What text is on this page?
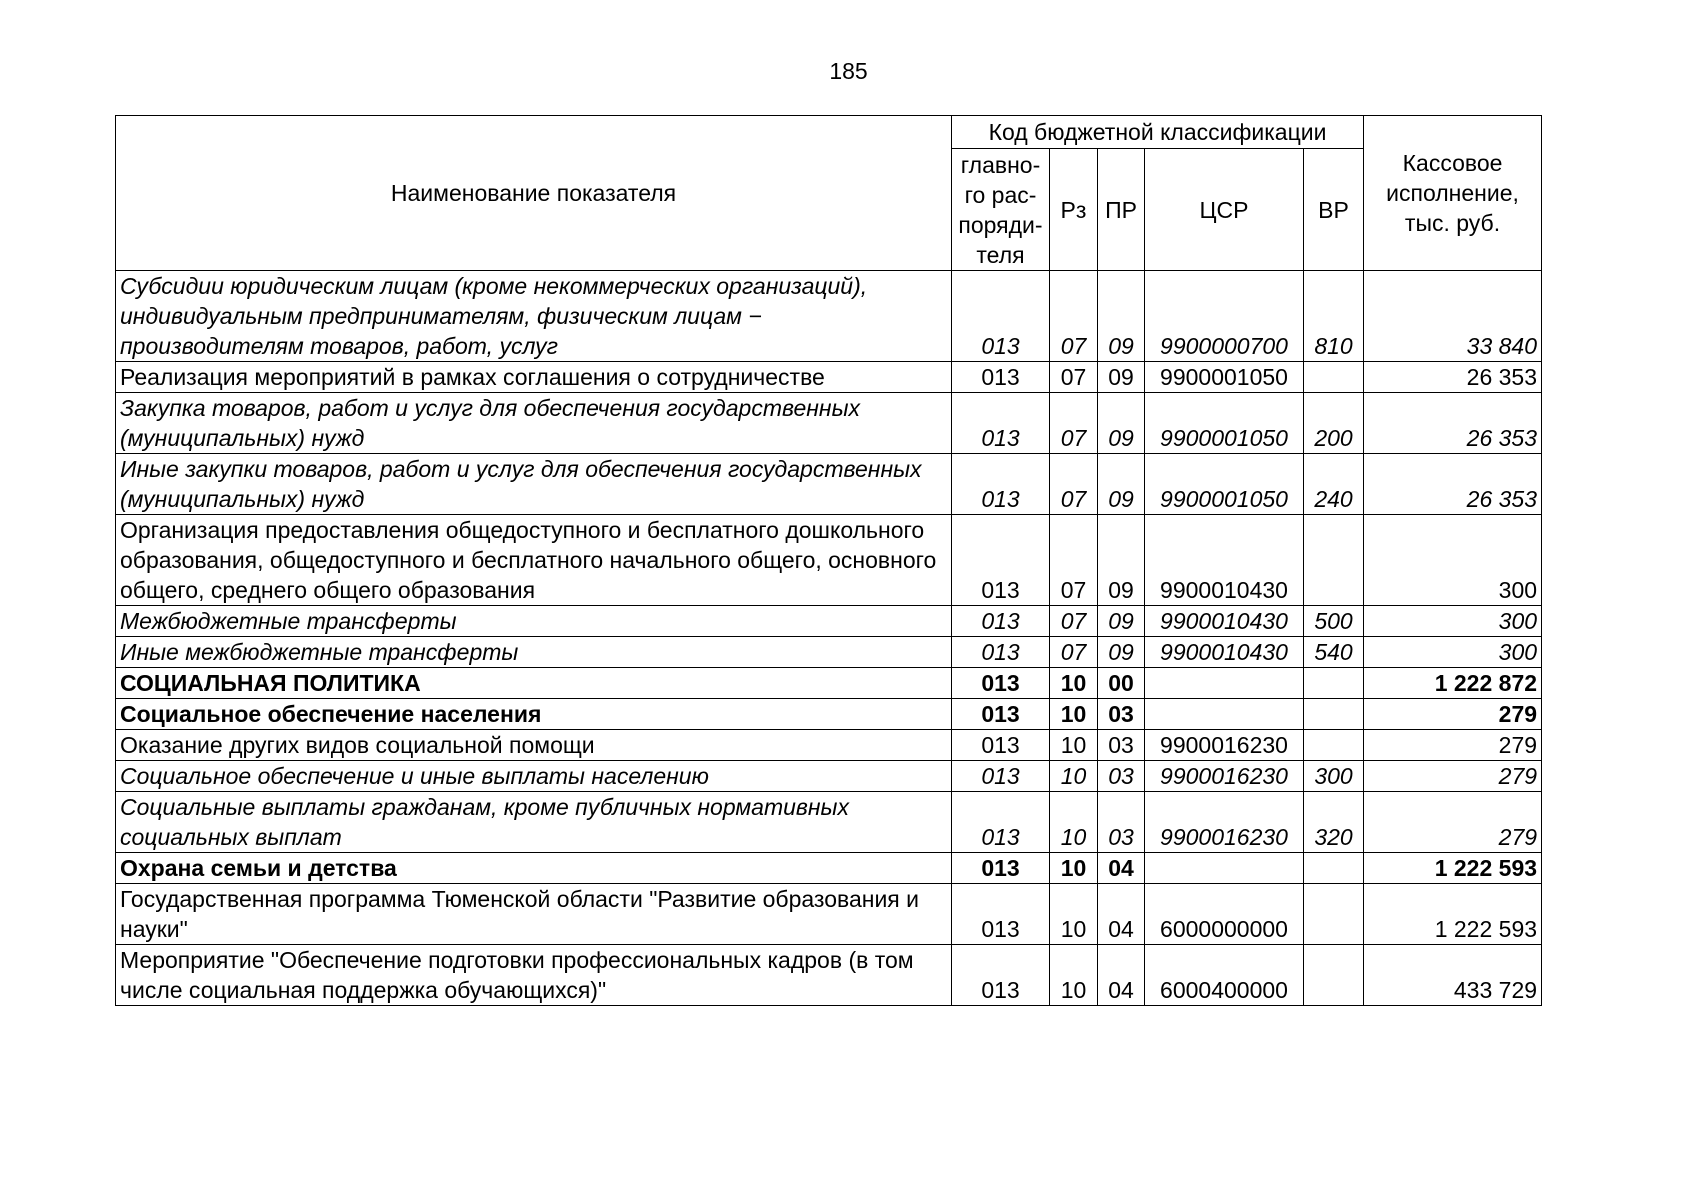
185
Наименование показателя	Код бюджетной классификации					Кассовое исполнение, тыс. руб.
	главно-го рас-поряди-теля	Рз	ПР	ЦСР	ВР	
Субсидии юридическим лицам (кроме некоммерческих организаций), индивидуальным предпринимателям, физическим лицам − производителям товаров, работ, услуг	013	07	09	9900000700	810	33 840
Реализация мероприятий в рамках соглашения о сотрудничестве	013	07	09	9900001050		26 353
Закупка товаров, работ и услуг для обеспечения государственных (муниципальных) нужд	013	07	09	9900001050	200	26 353
Иные закупки товаров, работ и услуг для обеспечения государственных (муниципальных) нужд	013	07	09	9900001050	240	26 353
Организация предоставления общедоступного и бесплатного дошкольного образования, общедоступного и бесплатного начального общего, основного общего, среднего общего образования	013	07	09	9900010430		300
Межбюджетные трансферты	013	07	09	9900010430	500	300
Иные межбюджетные трансферты	013	07	09	9900010430	540	300
СОЦИАЛЬНАЯ ПОЛИТИКА	013	10	00			1 222 872
Социальное обеспечение населения	013	10	03			279
Оказание других видов социальной помощи	013	10	03	9900016230		279
Социальное обеспечение и иные выплаты населению	013	10	03	9900016230	300	279
Социальные выплаты гражданам, кроме публичных нормативных социальных выплат	013	10	03	9900016230	320	279
Охрана семьи и детства	013	10	04			1 222 593
Государственная программа Тюменской области "Развитие образования и науки"	013	10	04	6000000000		1 222 593
Мероприятие "Обеспечение подготовки профессиональных кадров (в том числе социальная поддержка обучающихся)"	013	10	04	6000400000		433 729
